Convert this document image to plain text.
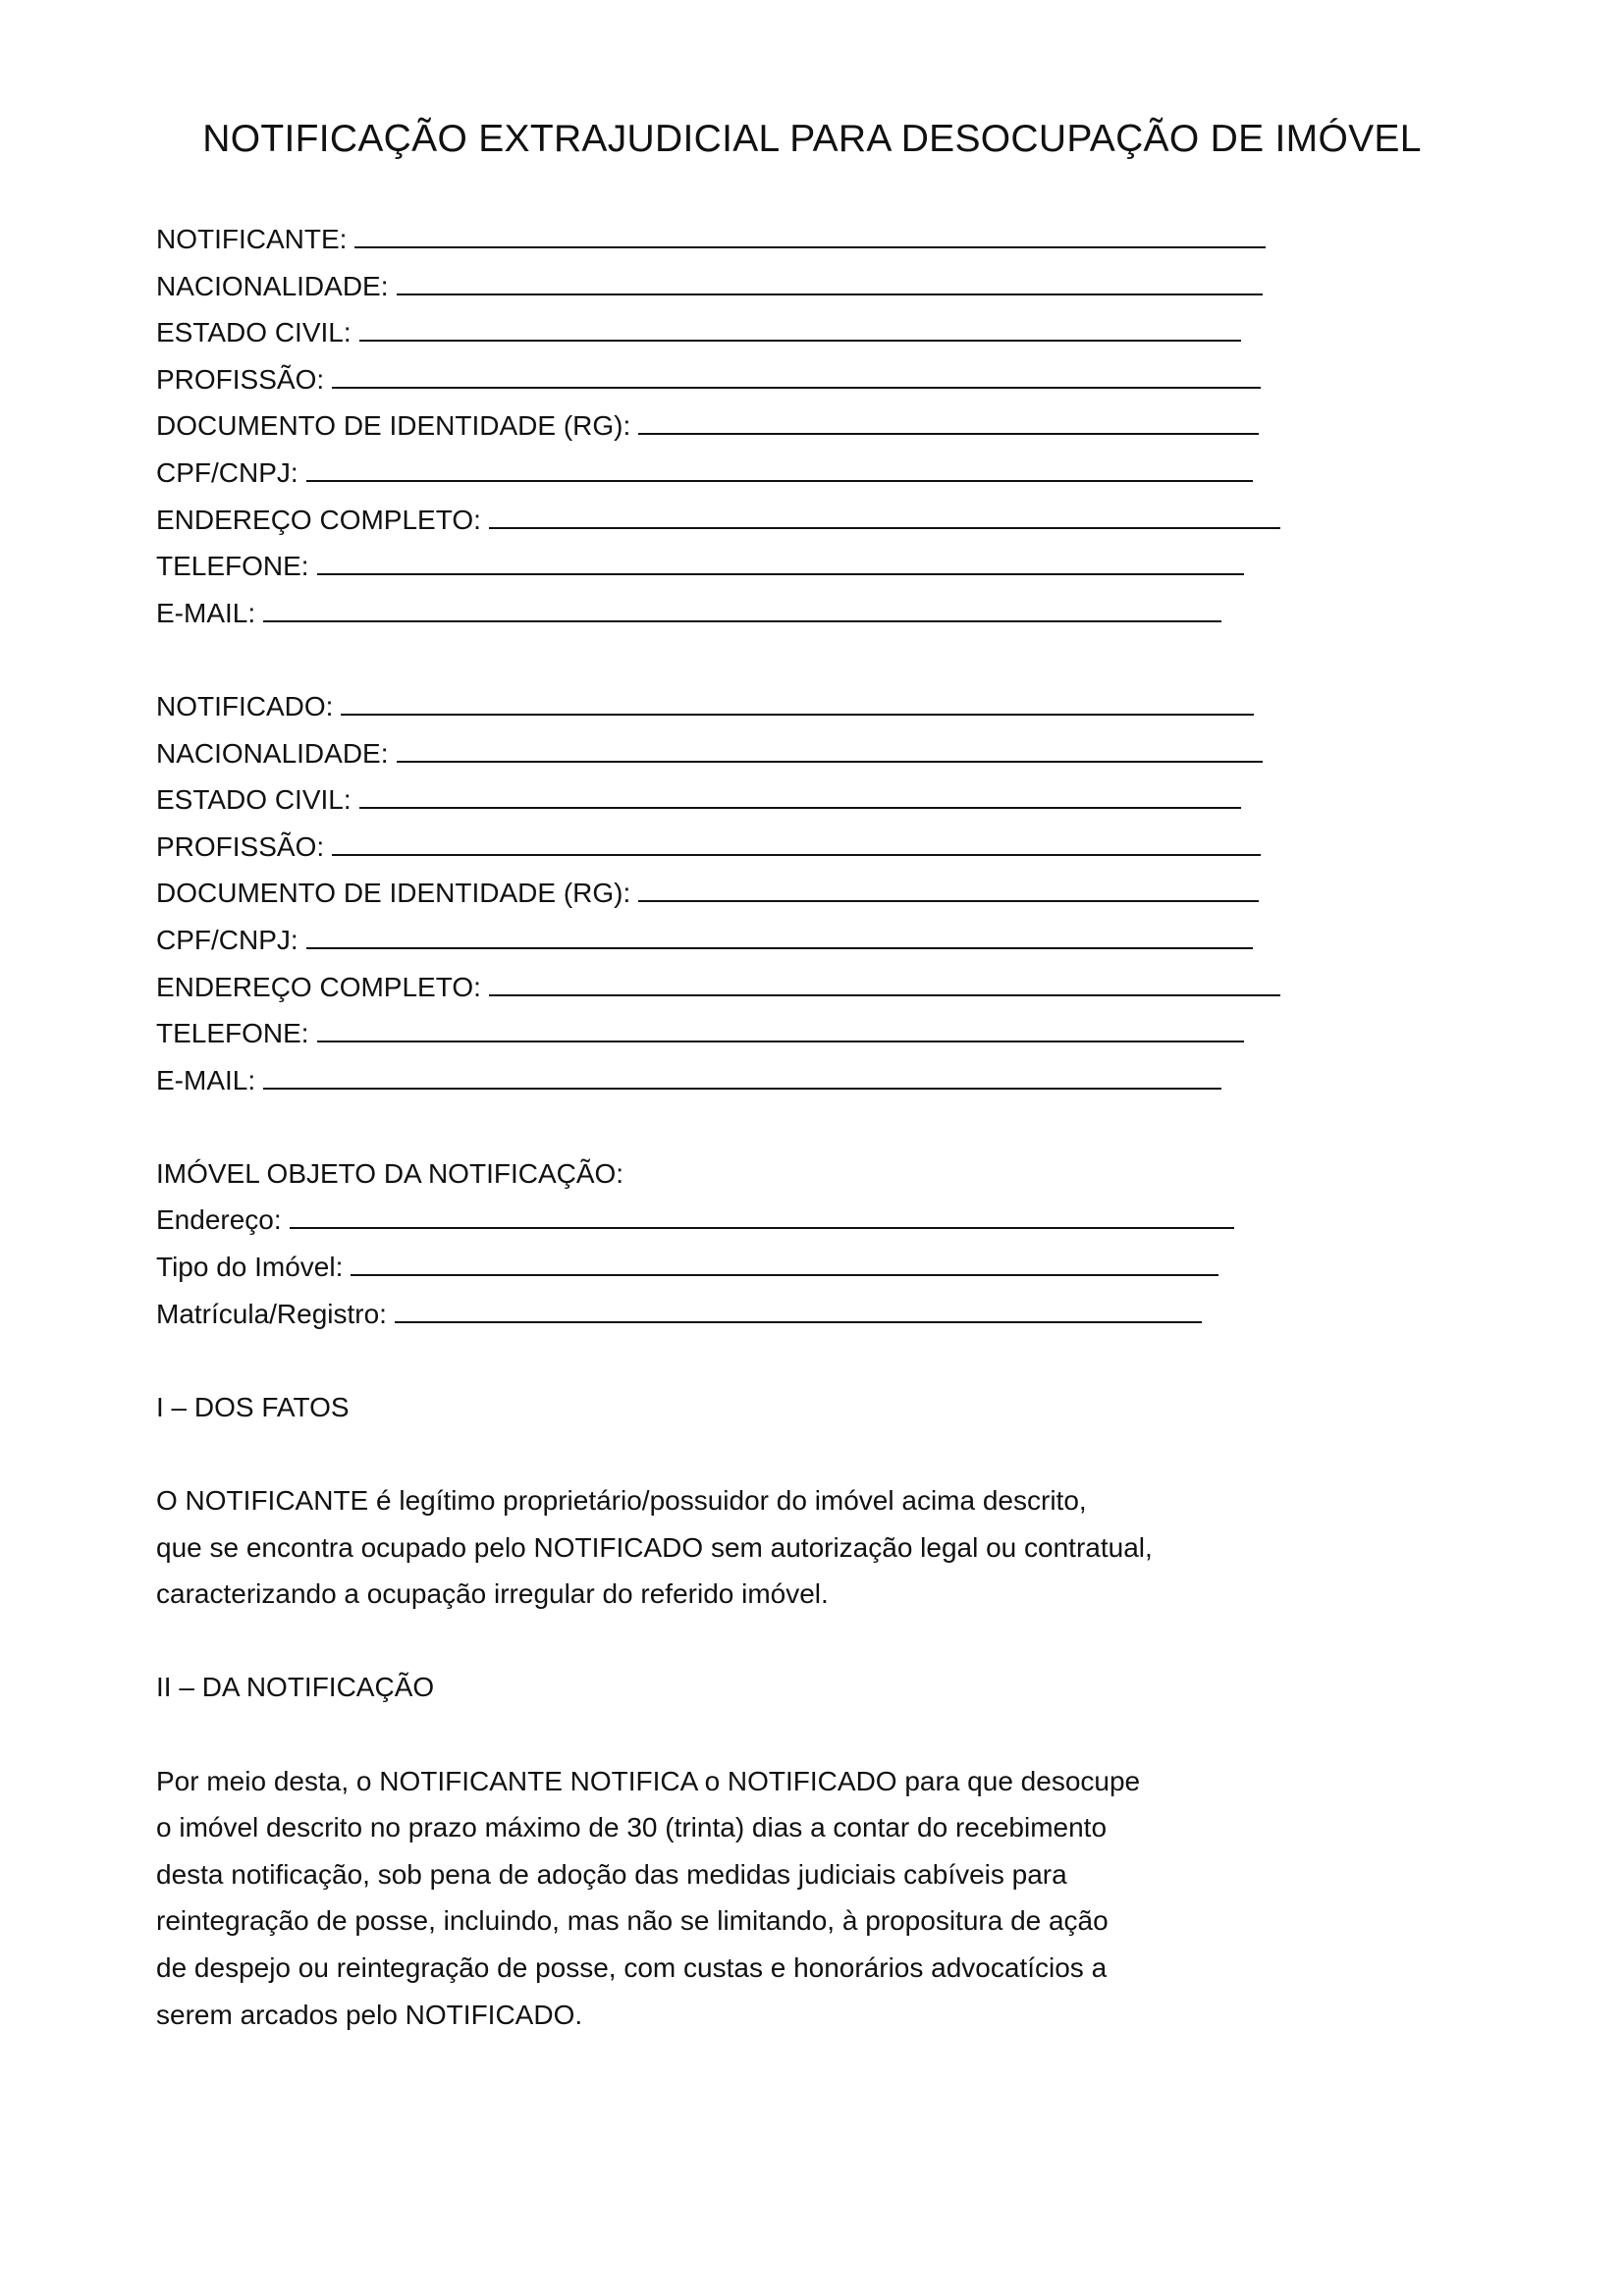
NOTIFICAÇÃO EXTRAJUDICIAL PARA DESOCUPAÇÃO DE IMÓVEL
NOTIFICANTE:
NACIONALIDADE:
ESTADO CIVIL:
PROFISSÃO:
DOCUMENTO DE IDENTIDADE (RG):
CPF/CNPJ:
ENDEREÇO COMPLETO:
TELEFONE:
E-MAIL:
NOTIFICADO:
NACIONALIDADE:
ESTADO CIVIL:
PROFISSÃO:
DOCUMENTO DE IDENTIDADE (RG):
CPF/CNPJ:
ENDEREÇO COMPLETO:
TELEFONE:
E-MAIL:
IMÓVEL OBJETO DA NOTIFICAÇÃO:
Endereço:
Tipo do Imóvel:
Matrícula/Registro:
I – DOS FATOS
O NOTIFICANTE é legítimo proprietário/possuidor do imóvel acima descrito,
que se encontra ocupado pelo NOTIFICADO sem autorização legal ou contratual,
caracterizando a ocupação irregular do referido imóvel.
II – DA NOTIFICAÇÃO
Por meio desta, o NOTIFICANTE NOTIFICA o NOTIFICADO para que desocupe
o imóvel descrito no prazo máximo de 30 (trinta) dias a contar do recebimento
desta notificação, sob pena de adoção das medidas judiciais cabíveis para
reintegração de posse, incluindo, mas não se limitando, à propositura de ação
de despejo ou reintegração de posse, com custas e honorários advocatícios a
serem arcados pelo NOTIFICADO.
